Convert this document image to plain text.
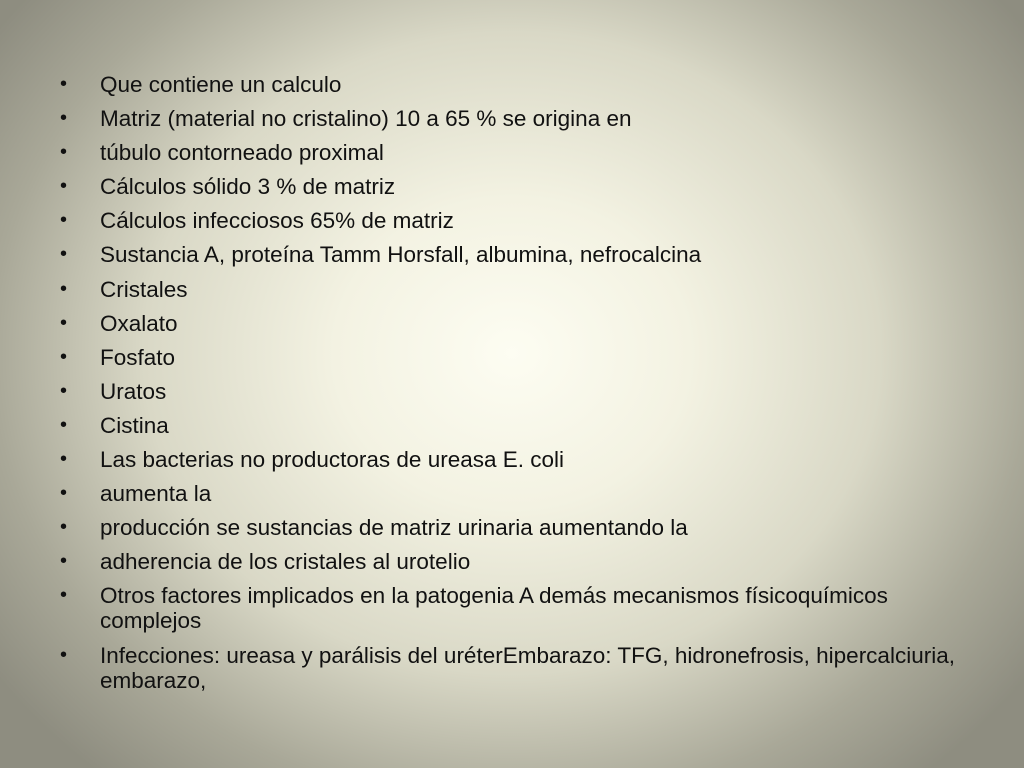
•	Que contiene un calculo
•	Matriz (material no cristalino) 10 a 65 % se origina en
•	túbulo contorneado proximal
•	Cálculos sólido 3 % de matriz
•	Cálculos infecciosos 65% de matriz
•	Sustancia A, proteína Tamm Horsfall, albumina, nefrocalcina
•	Cristales
•	Oxalato
•	Fosfato
•	Uratos
•	Cistina
•	Las bacterias no productoras de ureasa E. coli
•	aumenta la
•	producción se sustancias de matriz urinaria aumentando la
•	adherencia de los cristales al urotelio
•	Otros factores implicados en la patogenia A demás mecanismos físicoquímicos complejos
•	Infecciones: ureasa y parálisis del uréterEmbarazo: TFG, hidronefrosis, hipercalciuria, embarazo,
